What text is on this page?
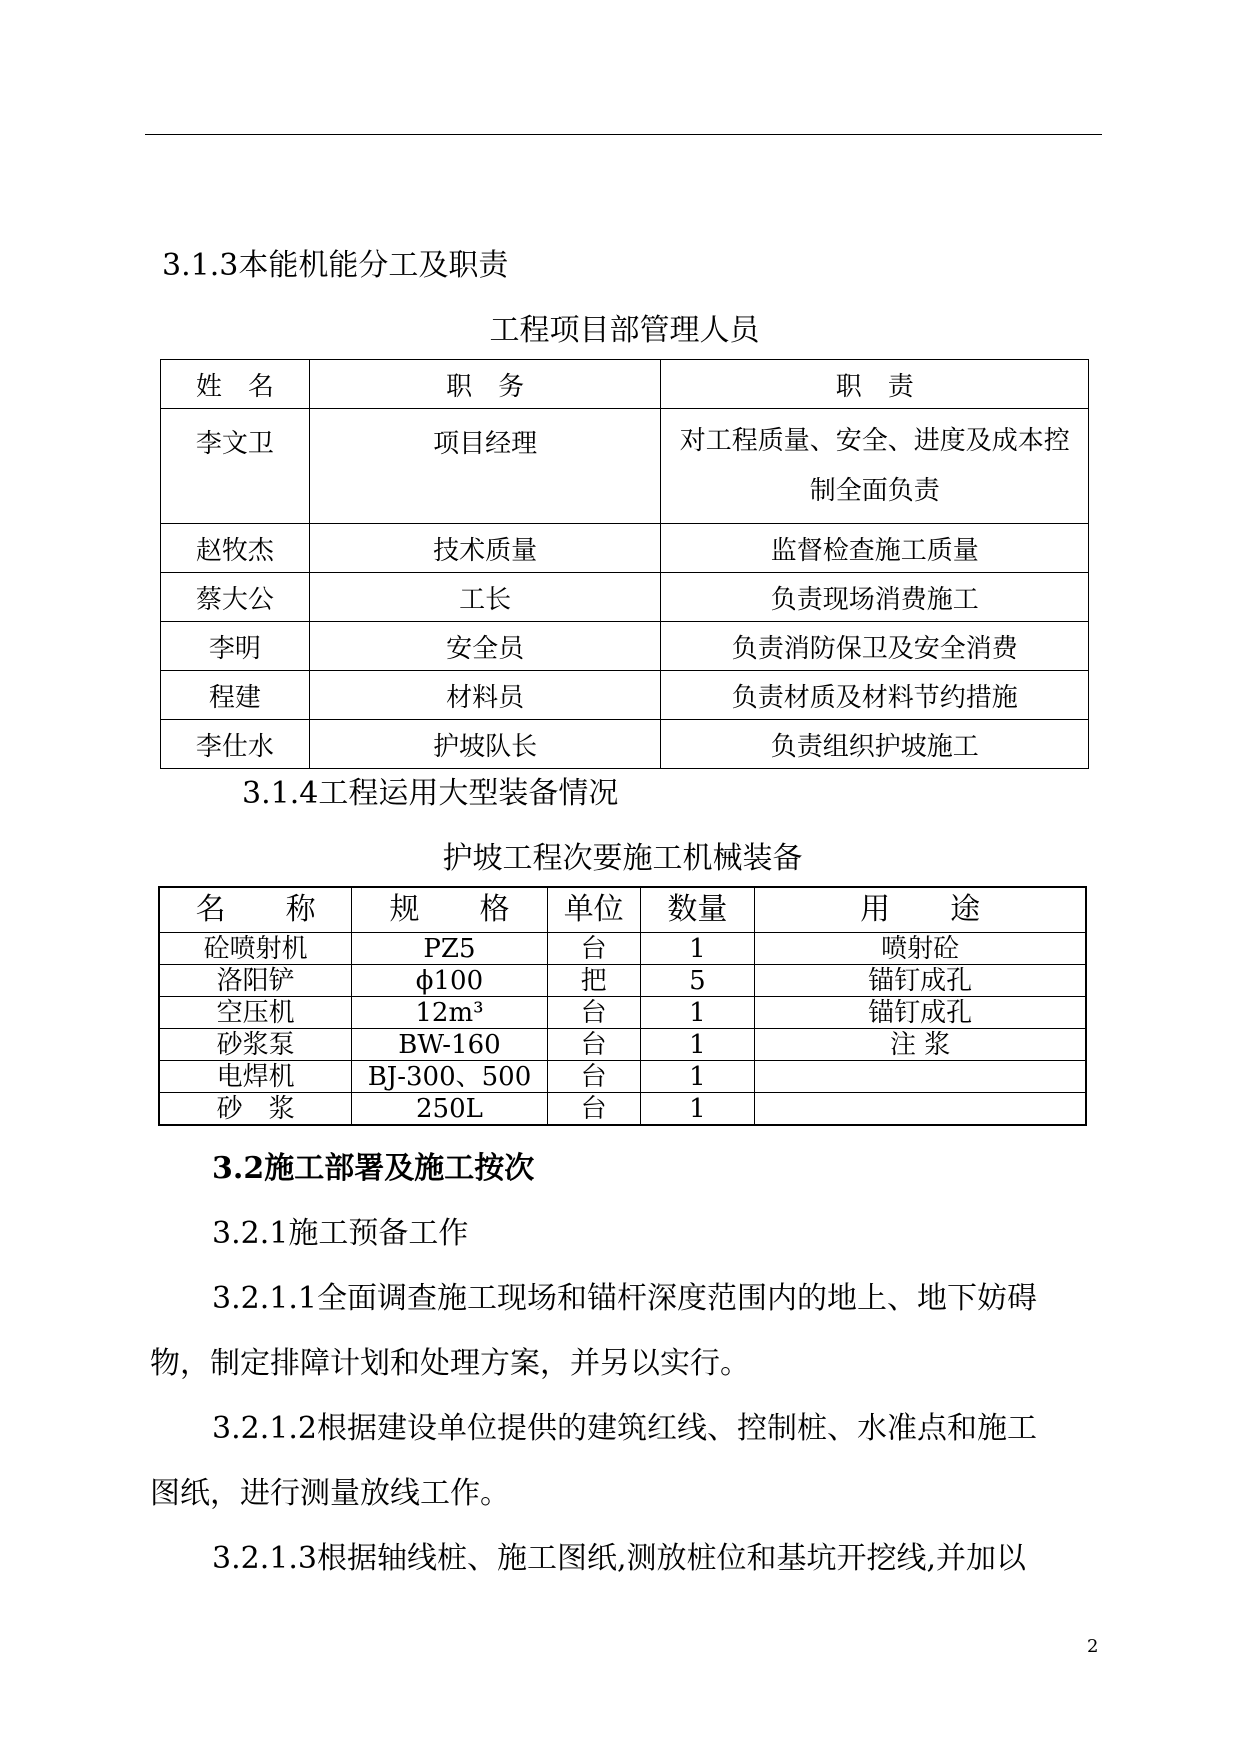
3.1.3本能机能分工及职责
工程项目部管理人员
姓　名	职　务	职　责
李文卫	项目经理	对工程质量、安全、进度及成本控
制全面负责

赵牧杰	技术质量	监督检查施工质量
蔡大公	工长	负责现场消费施工
李明	安全员	负责消防保卫及安全消费
程建	材料员	负责材质及材料节约措施
李仕水	护坡队长	负责组织护坡施工
3.1.4工程运用大型装备情况
护坡工程次要施工机械装备
名　　称	规　　格	单位	数量	用　　途
砼喷射机	PZ5	台	1	喷射砼
洛阳铲	ϕ100	把	5	锚钉成孔
空压机	12m³	台	1	锚钉成孔
砂浆泵	BW-160	台	1	注 浆
电焊机	BJ-300、500	台	1	
砂　浆	250L	台	1	
3.2施工部署及施工按次
3.2.1施工预备工作
3.2.1.1全面调查施工现场和锚杆深度范围内的地上、地下妨碍
物，制定排障计划和处理方案，并另以实行。
3.2.1.2根据建设单位提供的建筑红线、控制桩、水准点和施工
图纸，进行测量放线工作。
3.2.1.3根据轴线桩、施工图纸,测放桩位和基坑开挖线,并加以
2
